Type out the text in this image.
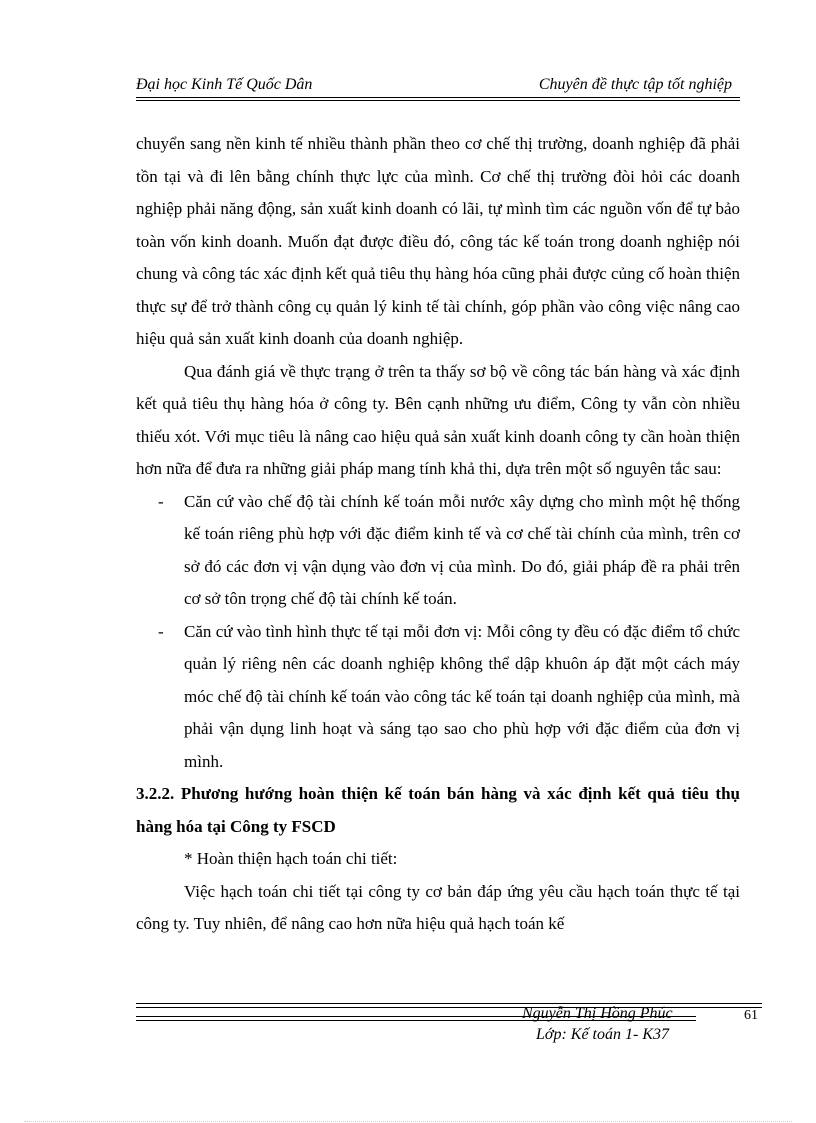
Đại học Kinh Tế Quốc Dân	Chuyên đề thực tập tốt nghiệp

chuyển sang nền kinh tế nhiều thành phần theo cơ chế thị trường, doanh nghiệp đã phải tồn tại và đi lên bằng chính thực lực của mình. Cơ chế thị trường đòi hỏi các doanh nghiệp phải năng động, sản xuất kinh doanh có lãi, tự mình tìm các nguồn vốn để tự bảo toàn vốn kinh doanh. Muốn đạt được điều đó, công tác kế toán trong doanh nghiệp nói chung và công tác xác định kết quả tiêu thụ hàng hóa cũng phải được củng cố hoàn thiện thực sự để trở thành công cụ quản lý kinh tế tài chính, góp phần vào công việc nâng cao hiệu quả sản xuất kinh doanh của doanh nghiệp.

Qua đánh giá về thực trạng ở trên ta thấy sơ bộ về công tác bán hàng và xác định kết quả tiêu thụ hàng hóa ở công ty. Bên cạnh những ưu điểm, Công ty vẫn còn nhiều thiếu xót. Với mục tiêu là nâng cao hiệu quả sản xuất kinh doanh công ty cần hoàn thiện hơn nữa để đưa ra những giải pháp mang tính khả thi, dựa trên một số nguyên tắc sau:

- Căn cứ vào chế độ tài chính kế toán mỗi nước xây dựng cho mình một hệ thống kế toán riêng phù hợp với đặc điểm kinh tế và cơ chế tài chính của mình, trên cơ sở đó các đơn vị vận dụng vào đơn vị của mình. Do đó, giải pháp đề ra phải trên cơ sở tôn trọng chế độ tài chính kế toán.

- Căn cứ vào tình hình thực tế tại mỗi đơn vị: Mỗi công ty đều có đặc điểm tổ chức quản lý riêng nên các doanh nghiệp không thể dập khuôn áp đặt một cách máy móc chế độ tài chính kế toán vào công tác kế toán tại doanh nghiệp của mình, mà phải vận dụng linh hoạt và sáng tạo sao cho phù hợp với đặc điểm của đơn vị mình.

3.2.2. Phương hướng hoàn thiện kế toán bán hàng và xác định kết quả tiêu thụ hàng hóa tại Công ty FSCD

* Hoàn thiện hạch toán chi tiết:

Việc hạch toán chi tiết tại công ty cơ bản đáp ứng yêu cầu hạch toán thực tế tại công ty. Tuy nhiên, để nâng cao hơn nữa hiệu quả hạch toán kế

Nguyễn Thị Hồng Phúc	61
Lớp: Kế toán 1- K37
